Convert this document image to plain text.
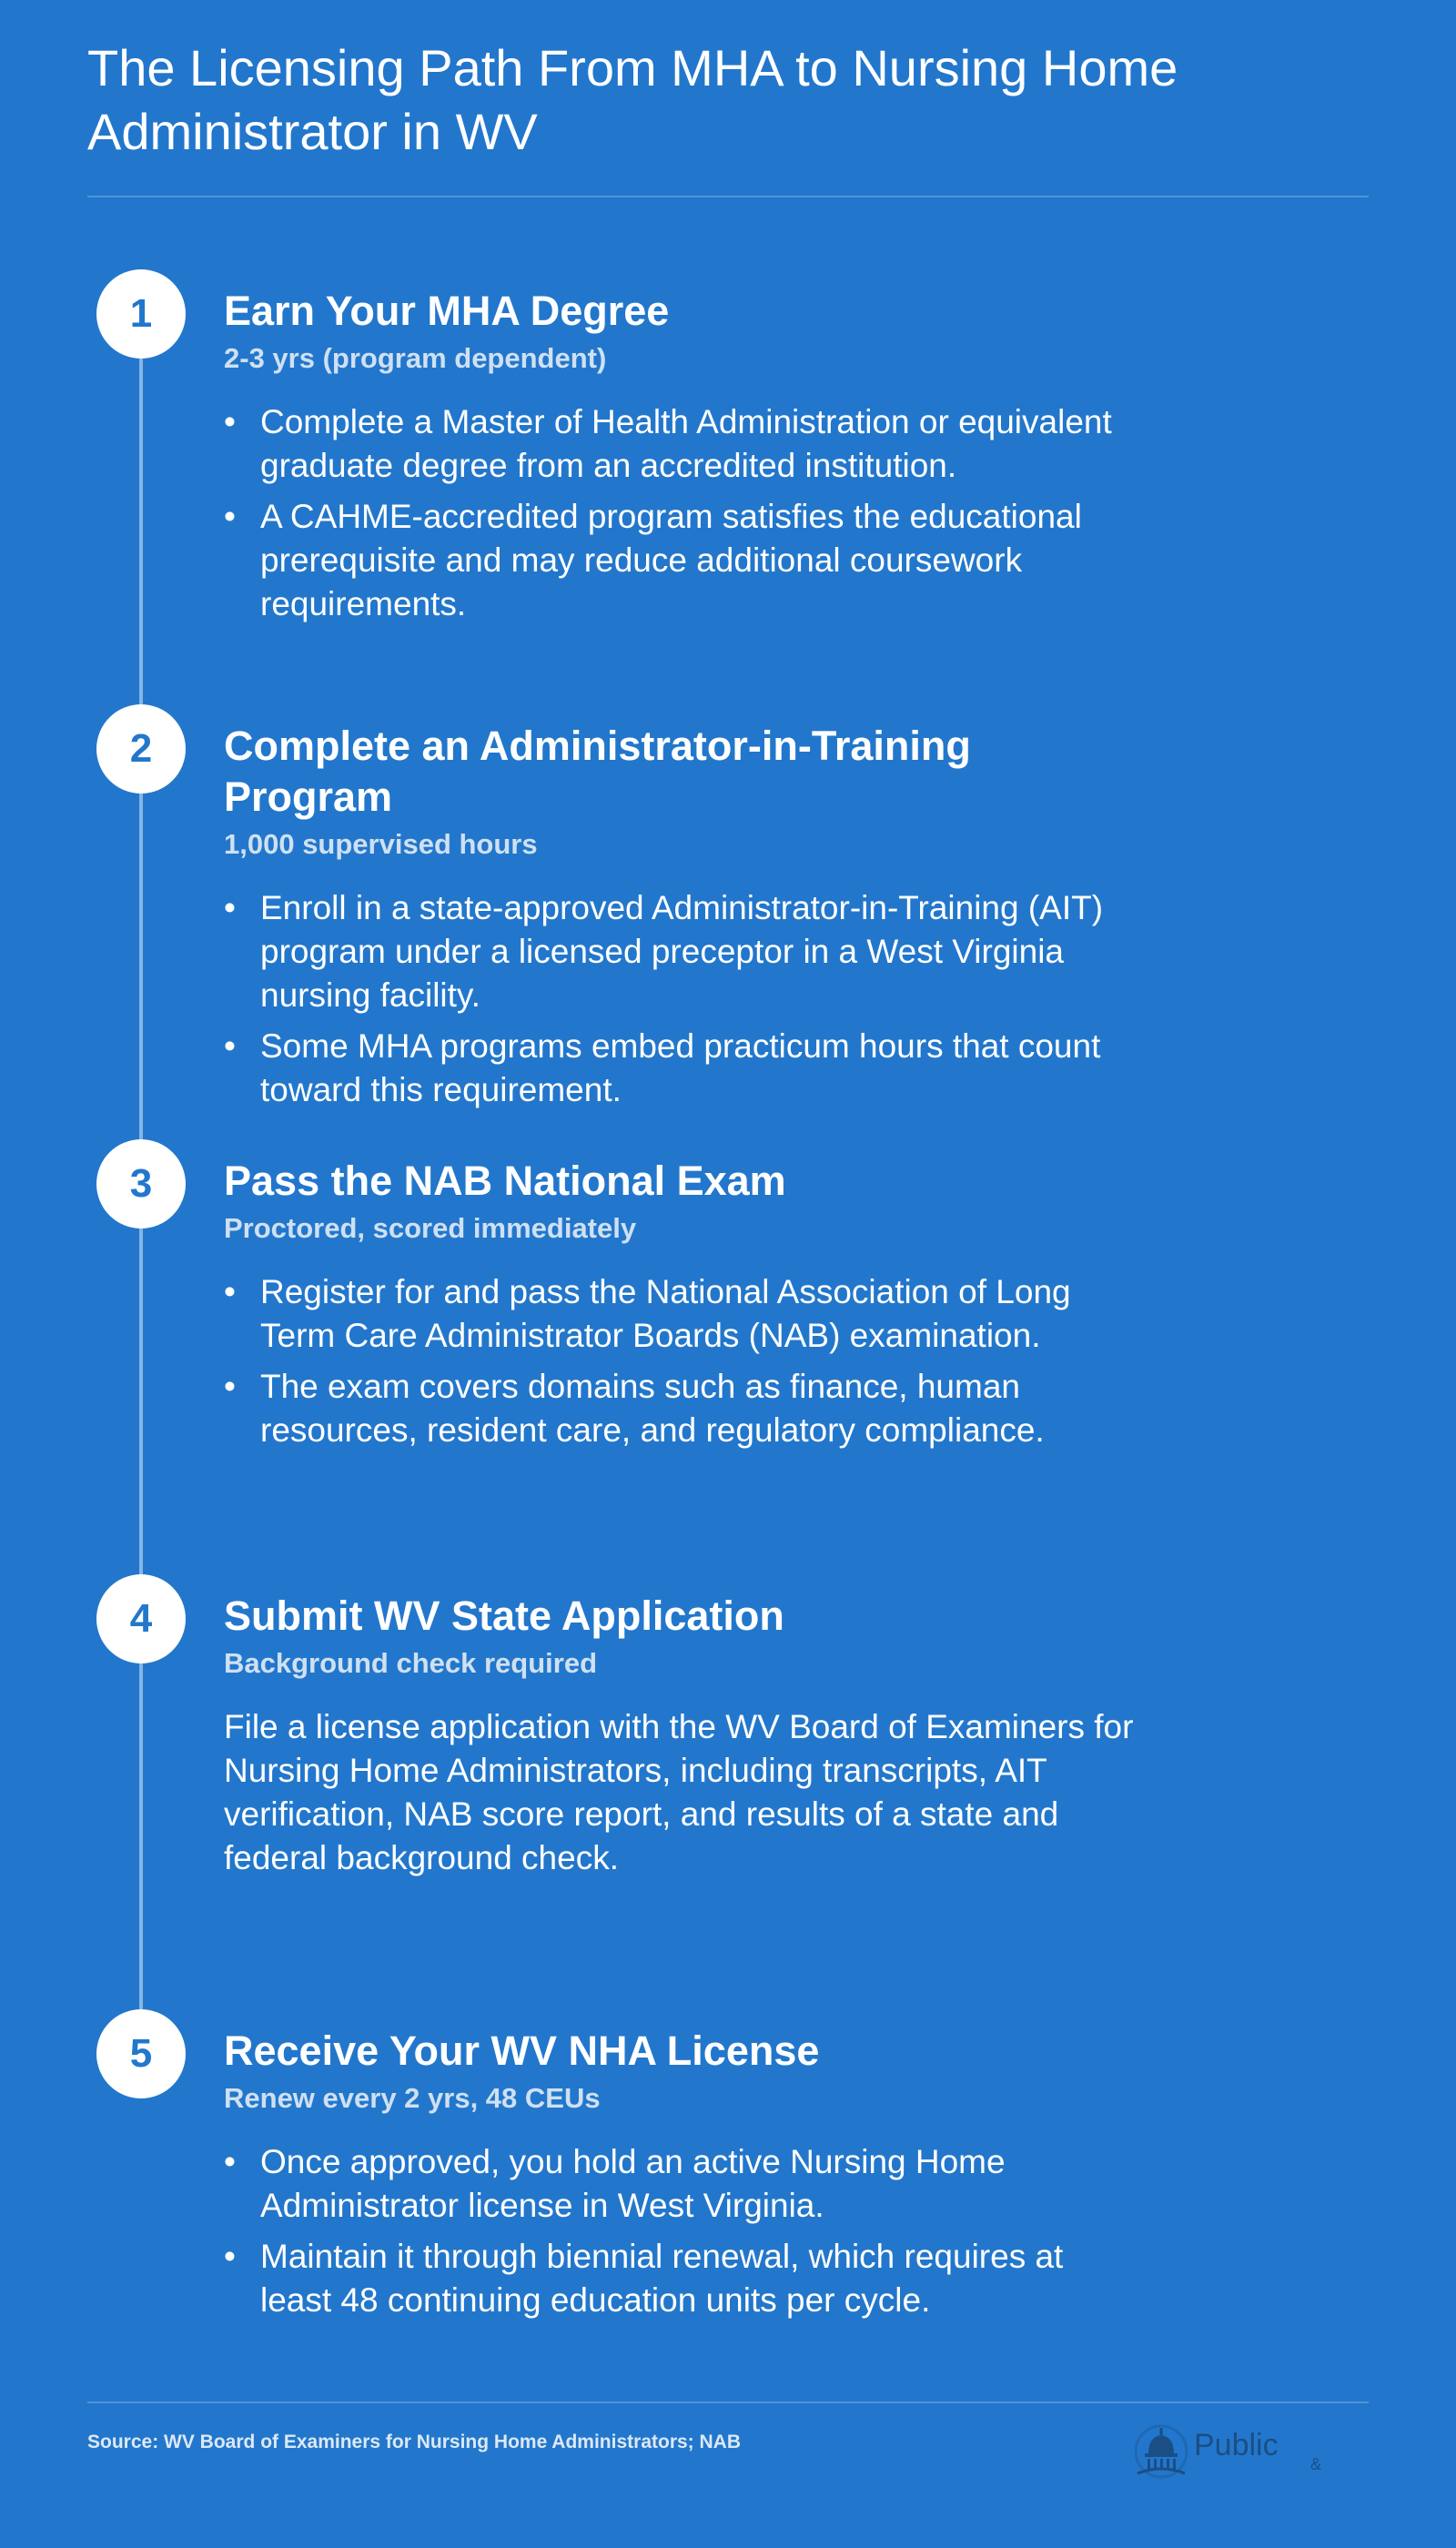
The Licensing Path From MHA to Nursing Home Administrator in WV
1	Earn Your MHA Degree

2-3 yrs (program dependent)

• Complete a Master of Health Administration or equivalent graduate degree from an accredited institution.
• A CAHME-accredited program satisfies the educational prerequisite and may reduce additional coursework requirements.
2	Complete an Administrator-in-Training Program

1,000 supervised hours

• Enroll in a state-approved Administrator-in-Training (AIT) program under a licensed preceptor in a West Virginia nursing facility.
• Some MHA programs embed practicum hours that count toward this requirement.
3	Pass the NAB National Exam

Proctored, scored immediately

• Register for and pass the National Association of Long Term Care Administrator Boards (NAB) examination.
• The exam covers domains such as finance, human resources, resident care, and regulatory compliance.
4	Submit WV State Application

Background check required

File a license application with the WV Board of Examiners for Nursing Home Administrators, including transcripts, AIT verification, NAB score report, and results of a state and federal background check.

5	Receive Your WV NHA License

Renew every 2 yrs, 48 CEUs

• Once approved, you hold an active Nursing Home Administrator license in West Virginia.
• Maintain it through biennial renewal, which requires at least 48 continuing education units per cycle.
Source: WV Board of Examiners for Nursing Home Administrators; NAB	Public
&
